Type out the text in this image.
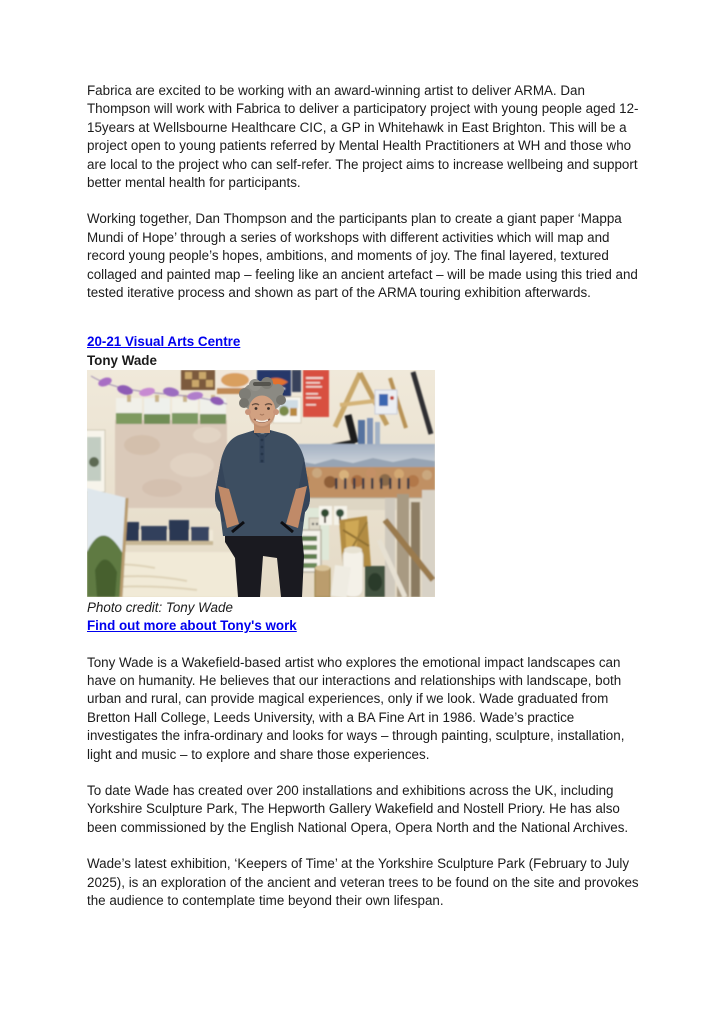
Fabrica are excited to be working with an award-winning artist to deliver ARMA. Dan Thompson will work with Fabrica to deliver a participatory project with young people aged 12-15years at Wellsbourne Healthcare CIC, a GP in Whitehawk in East Brighton. This will be a project open to young patients referred by Mental Health Practitioners at WH and those who are local to the project who can self-refer. The project aims to increase wellbeing and support better mental health for participants.

Working together, Dan Thompson and the participants plan to create a giant paper ‘Mappa Mundi of Hope’ through a series of workshops with different activities which will map and record young people’s hopes, ambitions, and moments of joy. The final layered, textured collaged and painted map – feeling like an ancient artefact – will be made using this tried and tested iterative process and shown as part of the ARMA touring exhibition afterwards.

20-21 Visual Arts Centre
Tony Wade
Photo credit: Tony Wade
Find out more about Tony's work

Tony Wade is a Wakefield-based artist who explores the emotional impact landscapes can have on humanity. He believes that our interactions and relationships with landscape, both urban and rural, can provide magical experiences, only if we look. Wade graduated from Bretton Hall College, Leeds University, with a BA Fine Art in 1986. Wade’s practice investigates the infra-ordinary and looks for ways – through painting, sculpture, installation, light and music – to explore and share those experiences.

To date Wade has created over 200 installations and exhibitions across the UK, including Yorkshire Sculpture Park, The Hepworth Gallery Wakefield and Nostell Priory. He has also been commissioned by the English National Opera, Opera North and the National Archives.

Wade’s latest exhibition, ‘Keepers of Time’ at the Yorkshire Sculpture Park (February to July 2025), is an exploration of the ancient and veteran trees to be found on the site and provokes the audience to contemplate time beyond their own lifespan.
